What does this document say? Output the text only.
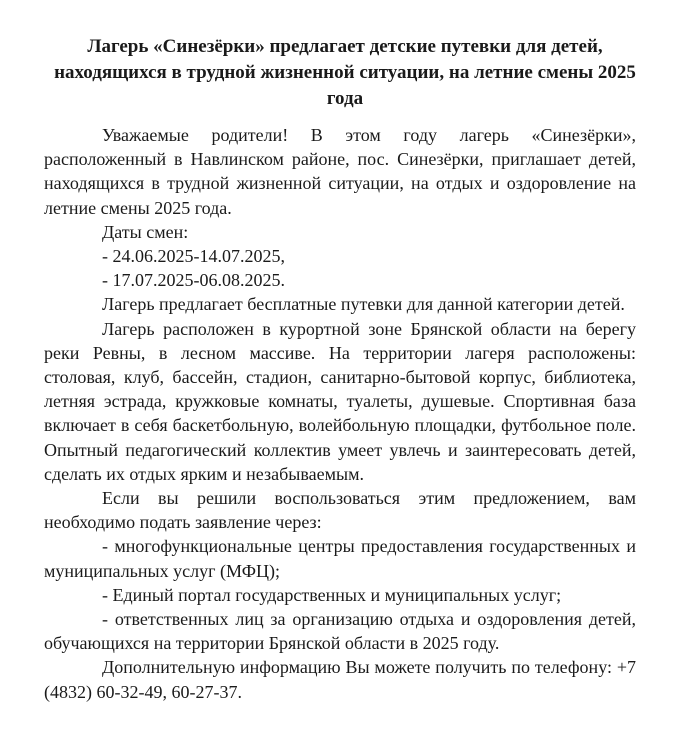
Лагерь «Синезёрки» предлагает детские путевки для детей, находящихся в трудной жизненной ситуации, на летние смены 2025 года

Уважаемые родители! В этом году лагерь «Синезёрки», расположенный в Навлинском районе, пос. Синезёрки, приглашает детей, находящихся в трудной жизненной ситуации, на отдых и оздоровление на летние смены 2025 года.

Даты смен:

- 24.06.2025-14.07.2025,

- 17.07.2025-06.08.2025.

Лагерь предлагает бесплатные путевки для данной категории детей.

Лагерь расположен в курортной зоне Брянской области на берегу реки Ревны, в лесном массиве. На территории лагеря расположены: столовая, клуб, бассейн, стадион, санитарно-бытовой корпус, библиотека, летняя эстрада, кружковые комнаты, туалеты, душевые. Спортивная база включает в себя баскетбольную, волейбольную площадки, футбольное поле. Опытный педагогический коллектив умеет увлечь и заинтересовать детей, сделать их отдых ярким и незабываемым.

Если вы решили воспользоваться этим предложением, вам необходимо подать заявление через:

- многофункциональные центры предоставления государственных и муниципальных услуг (МФЦ);

- Единый портал государственных и муниципальных услуг;

- ответственных лиц за организацию отдыха и оздоровления детей, обучающихся на территории Брянской области в 2025 году.

Дополнительную информацию Вы можете получить по телефону: +7 (4832) 60-32-49, 60-27-37.
